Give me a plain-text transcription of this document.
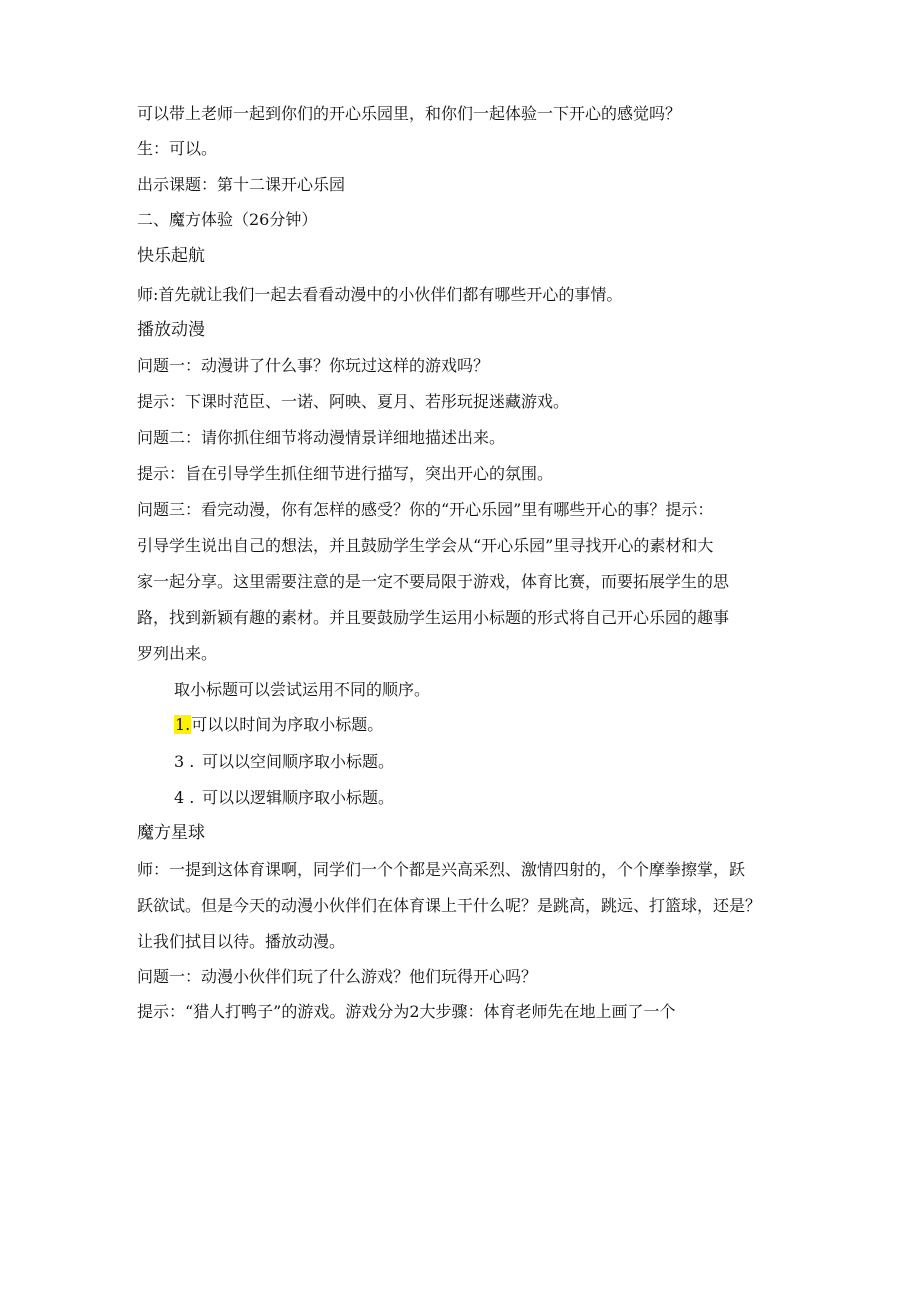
可以带上老师一起到你们的开心乐园里，和你们一起体验一下开心的感觉吗？
生：可以。
出示课题：第十二课开心乐园
二、魔方体验（26分钟）
快乐起航
师:首先就让我们一起去看看动漫中的小伙伴们都有哪些开心的事情。
播放动漫
问题一：动漫讲了什么事？你玩过这样的游戏吗？
提示：下课时范臣、一诺、阿映、夏月、若彤玩捉迷藏游戏。
问题二：请你抓住细节将动漫情景详细地描述出来。
提示：旨在引导学生抓住细节进行描写，突出开心的氛围。
问题三：看完动漫，你有怎样的感受？你的“开心乐园”里有哪些开心的事？提示：
引导学生说出自己的想法，并且鼓励学生学会从“开心乐园”里寻找开心的素材和大
家一起分享。这里需要注意的是一定不要局限于游戏，体育比赛，而要拓展学生的思
路，找到新颖有趣的素材。并且要鼓励学生运用小标题的形式将自己开心乐园的趣事
罗列出来。
取小标题可以尝试运用不同的顺序。
1.可以以时间为序取小标题。
3 . 可以以空间顺序取小标题。
4 . 可以以逻辑顺序取小标题。
魔方星球
师：一提到这体育课啊，同学们一个个都是兴高采烈、激情四射的，个个摩拳擦掌，跃
跃欲试。但是今天的动漫小伙伴们在体育课上干什么呢？是跳高，跳远、打篮球，还是？
让我们拭目以待。播放动漫。
问题一：动漫小伙伴们玩了什么游戏？他们玩得开心吗？
提示：“猎人打鸭子”的游戏。游戏分为2大步骤：体育老师先在地上画了一个
